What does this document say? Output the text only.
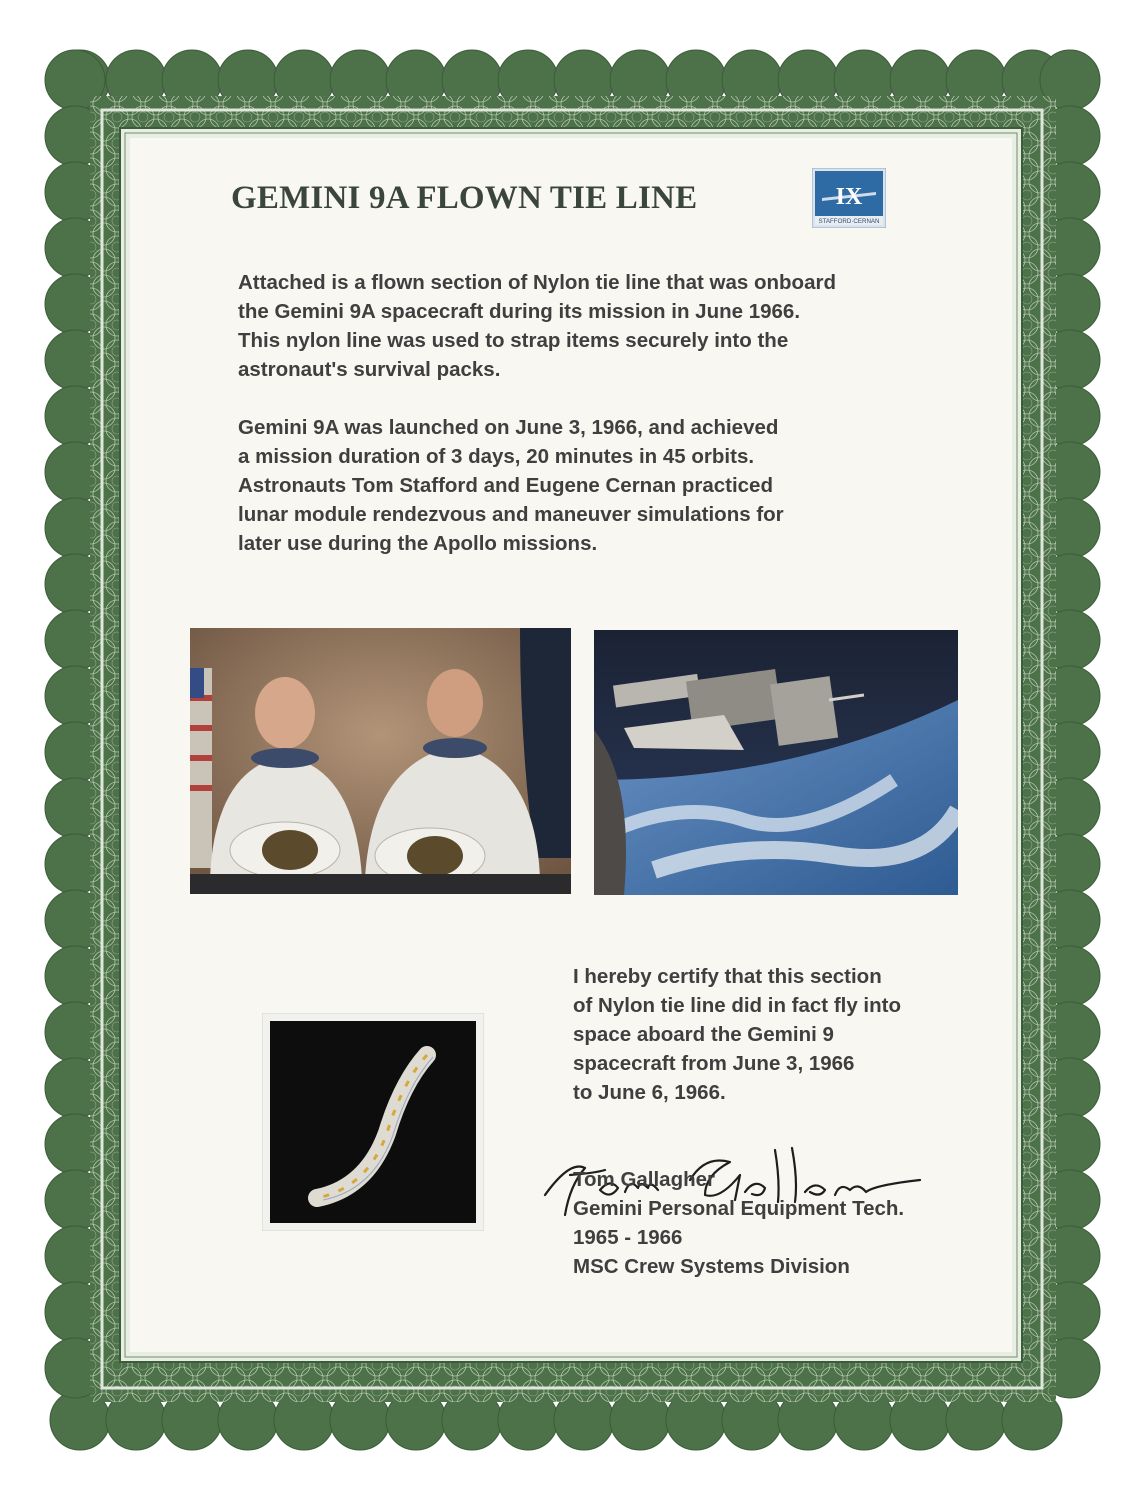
GEMINI 9A FLOWN TIE LINE	IX
STAFFORD·CERNAN
Attached is a flown section of Nylon tie line that was onboard
the Gemini 9A spacecraft during its mission in June 1966.
This nylon line was used to strap items securely into the
astronaut's survival packs.
Gemini 9A was launched on June 3, 1966, and achieved
a mission duration of 3 days, 20 minutes in 45 orbits.
Astronauts Tom Stafford and Eugene Cernan practiced
lunar module rendezvous and maneuver simulations for
later use during the Apollo missions.
I hereby certify that this section
of Nylon tie line did in fact fly into
space aboard the Gemini 9
spacecraft from June 3, 1966
to June 6, 1966.
Tom Gallagher
Gemini Personal Equipment Tech.
1965 - 1966
MSC Crew Systems Division
